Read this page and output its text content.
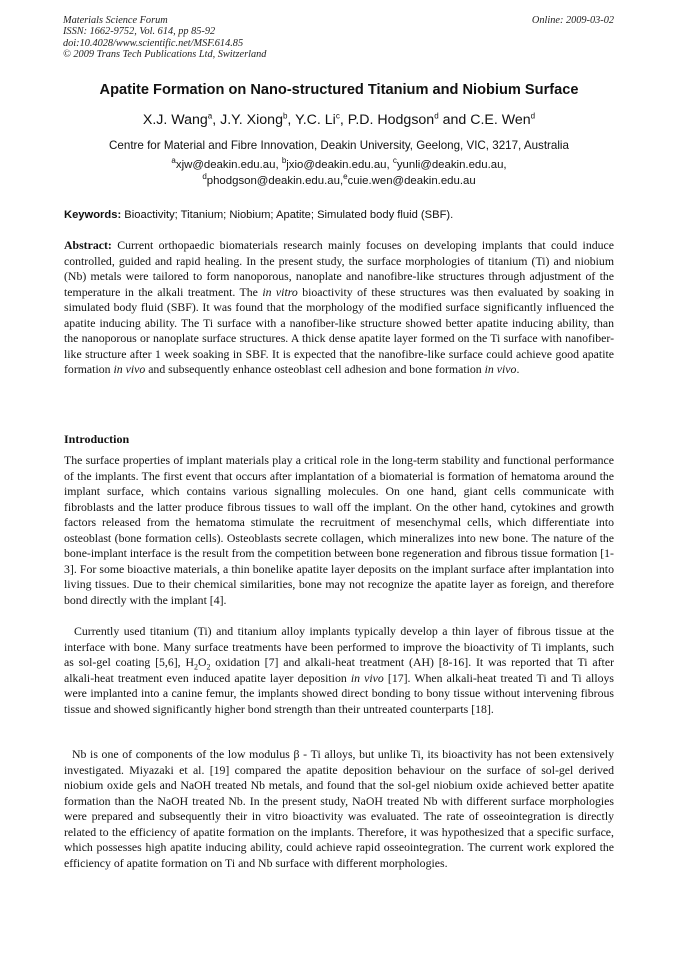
Materials Science Forum
ISSN: 1662-9752, Vol. 614, pp 85-92
doi:10.4028/www.scientific.net/MSF.614.85
© 2009 Trans Tech Publications Ltd, Switzerland
Online: 2009-03-02
Apatite Formation on Nano-structured Titanium and Niobium Surface
X.J. Wang$^a$, J.Y. Xiong$^b$, Y.C. Li$^c$, P.D. Hodgson$^d$ and C.E. Wen$^d$
Centre for Material and Fibre Innovation, Deakin University, Geelong, VIC, 3217, Australia
$^a$xjw@deakin.edu.au, $^b$jxio@deakin.edu.au, $^c$yunli@deakin.edu.au, $^d$phodgson@deakin.edu.au,$^e$cuie.wen@deakin.edu.au
Keywords: Bioactivity; Titanium; Niobium; Apatite; Simulated body fluid (SBF).

Abstract: Current orthopaedic biomaterials research mainly focuses on developing implants that could induce controlled, guided and rapid healing. In the present study, the surface morphologies of titanium (Ti) and niobium (Nb) metals were tailored to form nanoporous, nanoplate and nanofibre-like structures through adjustment of the temperature in the alkali treatment. The in vitro bioactivity of these structures was then evaluated by soaking in simulated body fluid (SBF). It was found that the morphology of the modified surface significantly influenced the apatite inducing ability. The Ti surface with a nanofiber-like structure showed better apatite inducing ability, than the nanoporous or nanoplate surface structures. A thick dense apatite layer formed on the Ti surface with nanofiber-like structure after 1 week soaking in SBF. It is expected that the nanofibre-like surface could achieve good apatite formation in vivo and subsequently enhance osteoblast cell adhesion and bone formation in vivo.

Introduction

The surface properties of implant materials play a critical role in the long-term stability and functional performance of the implants. The first event that occurs after implantation of a biomaterial is formation of hematoma around the implant surface, which contains various signalling molecules. On one hand, giant cells communicate with fibroblasts and the latter produce fibrous tissues to wall off the implant. On the other hand, cytokines and growth factors released from the hematoma stimulate the recruitment of mesenchymal cells, which differentiate into osteoblast (bone formation cells). Osteoblasts secrete collagen, which mineralizes into new bone. The nature of the bone-implant interface is the result from the competition between bone regeneration and fibrous tissue formation [1-3]. For some bioactive materials, a thin bonelike apatite layer deposits on the implant surface after implantation into living tissues. Due to their chemical similarities, bone may not recognize the apatite layer as foreign, and therefore bond directly with the implant [4].

Currently used titanium (Ti) and titanium alloy implants typically develop a thin layer of fibrous tissue at the interface with bone. Many surface treatments have been performed to improve the bioactivity of Ti implants, such as sol-gel coating [5,6], $H_2O_2$ oxidation [7] and alkali-heat treatment (AH) [8-16]. It was reported that Ti after alkali-heat treatment even induced apatite layer deposition in vivo [17]. When alkali-heat treated Ti and Ti alloys were implanted into a canine femur, the implants showed direct bonding to bony tissue without intervening fibrous tissue and showed significantly higher bond strength than their untreated counterparts [18].

Nb is one of components of the low modulus β - Ti alloys, but unlike Ti, its bioactivity has not been extensively investigated. Miyazaki et al. [19] compared the apatite deposition behaviour on the surface of sol-gel derived niobium oxide gels and NaOH treated Nb metals, and found that the sol-gel niobium oxide achieved better apatite formation than the NaOH treated Nb. In the present study, NaOH treated Nb with different surface morphologies were prepared and subsequently their in vitro bioactivity was evaluated. The rate of osseointegration is directly related to the efficiency of apatite formation on the implants. Therefore, it was hypothesized that a specific surface, which possesses high apatite inducing ability, could achieve rapid osseointegration. The current work explored the efficiency of apatite formation on Ti and Nb surface with different morphologies.
